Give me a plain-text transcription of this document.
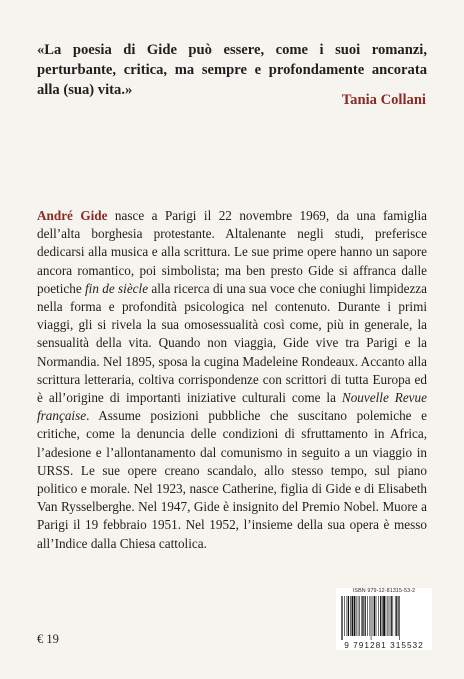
«La poesia di Gide può essere, come i suoi romanzi, perturbante, critica, ma sempre e profondamente ancorata alla (sua) vita.»

Tania Collani

André Gide nasce a Parigi il 22 novembre 1969, da una famiglia dell’alta borghesia protestante. Altalenante negli studi, preferisce dedicarsi alla musica e alla scrittura. Le sue prime opere hanno un sapore ancora romantico, poi simbolista; ma ben presto Gide si affranca dalle poetiche fin de siècle alla ricerca di una sua voce che coniughi limpidezza nella forma e profondità psicologica nel contenuto. Durante i primi viaggi, gli si rivela la sua omosessualità così come, più in generale, la sensualità della vita. Quando non viaggia, Gide vive tra Parigi e la Normandia. Nel 1895, sposa la cugina Madeleine Rondeaux. Accanto alla scrittura letteraria, coltiva corrispondenze con scrittori di tutta Europa ed è all’origine di importanti iniziative culturali come la Nouvelle Revue française. Assume posizioni pubbliche che suscitano polemiche e critiche, come la denuncia delle condizioni di sfruttamento in Africa, l’adesione e l’allontanamento dal comunismo in seguito a un viaggio in URSS. Le sue opere creano scandalo, allo stesso tempo, sul piano politico e morale. Nel 1923, nasce Catherine, figlia di Gide e di Elisabeth Van Rysselberghe. Nel 1947, Gide è insignito del Premio Nobel. Muore a Parigi il 19 febbraio 1951. Nel 1952, l’insieme della sua opera è messo all’Indice dalla Chiesa cattolica.

€ 19

ISBN 979-12-81315-53-2
9 791281 315532
